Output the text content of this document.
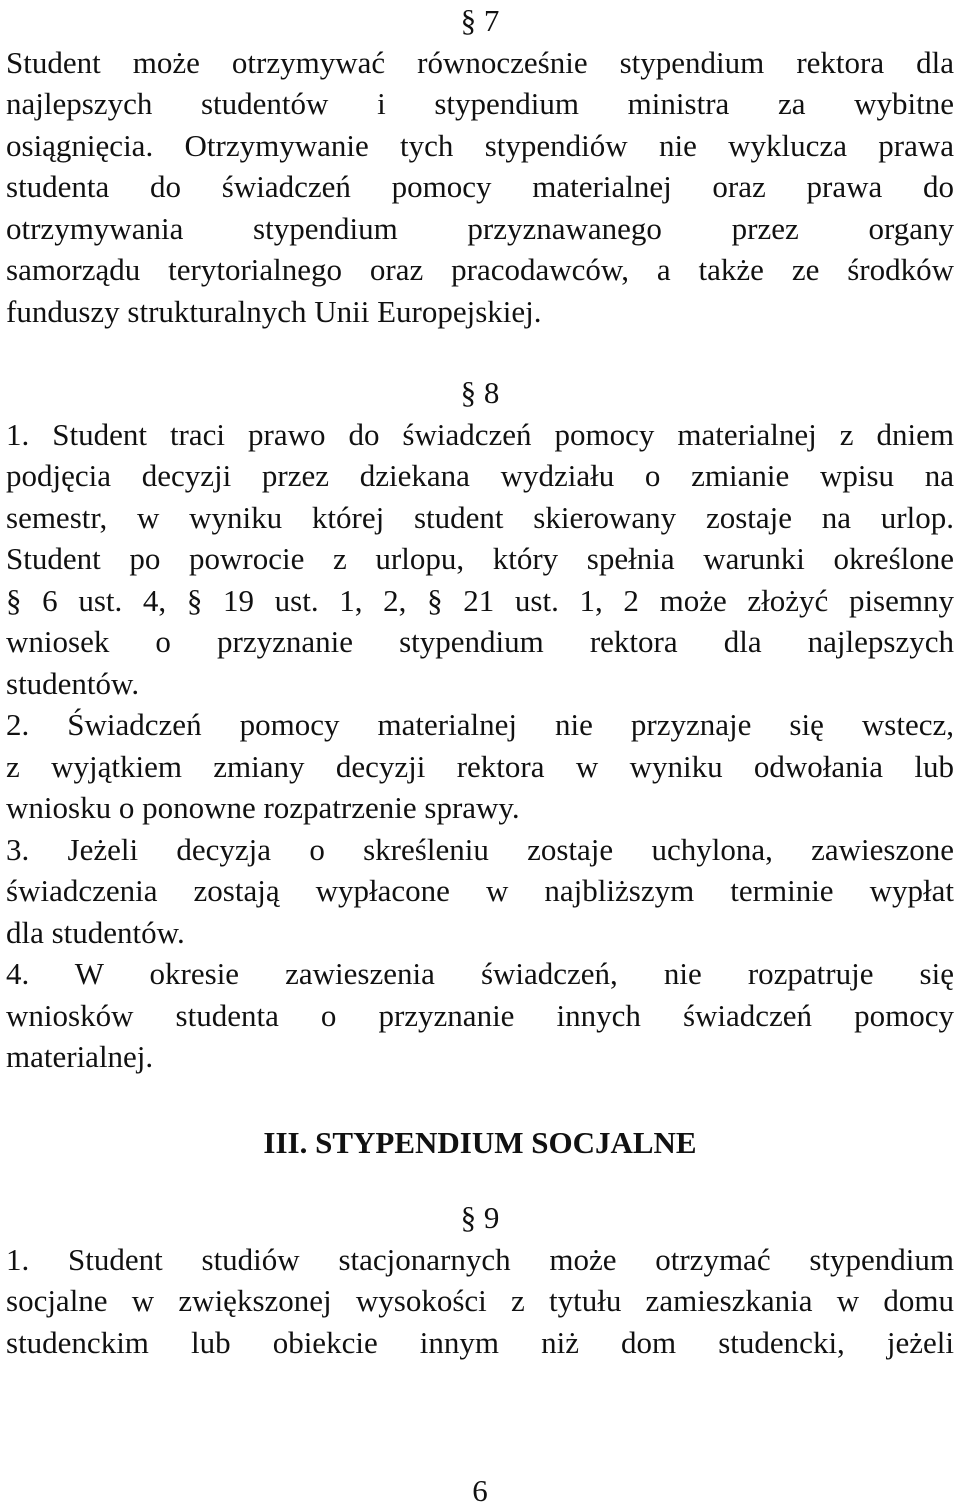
§ 7
Student może otrzymywać równocześnie stypendium rektora dla
najlepszych studentów i stypendium ministra za wybitne
osiągnięcia. Otrzymywanie tych stypendiów nie wyklucza prawa
studenta do świadczeń pomocy materialnej oraz prawa do
otrzymywania stypendium przyznawanego przez organy
samorządu terytorialnego oraz pracodawców, a także ze środków
funduszy strukturalnych Unii Europejskiej.
§ 8
1. Student traci prawo do świadczeń pomocy materialnej z dniem
podjęcia decyzji przez dziekana wydziału o zmianie wpisu na
semestr, w wyniku której student skierowany zostaje na urlop.
Student po powrocie z urlopu, który spełnia warunki określone
§ 6 ust. 4, § 19 ust. 1, 2, § 21 ust. 1, 2 może złożyć pisemny
wniosek o przyznanie stypendium rektora dla najlepszych
studentów.
2. Świadczeń pomocy materialnej nie przyznaje się wstecz,
z wyjątkiem zmiany decyzji rektora w wyniku odwołania lub
wniosku o ponowne rozpatrzenie sprawy.
3. Jeżeli decyzja o skreśleniu zostaje uchylona, zawieszone
świadczenia zostają wypłacone w najbliższym terminie wypłat
dla studentów.
4. W okresie zawieszenia świadczeń, nie rozpatruje się
wniosków studenta o przyznanie innych świadczeń pomocy
materialnej.
III. STYPENDIUM SOCJALNE
§ 9
1. Student studiów stacjonarnych może otrzymać stypendium
socjalne w zwiększonej wysokości z tytułu zamieszkania w domu
studenckim lub obiekcie innym niż dom studencki, jeżeli
6
